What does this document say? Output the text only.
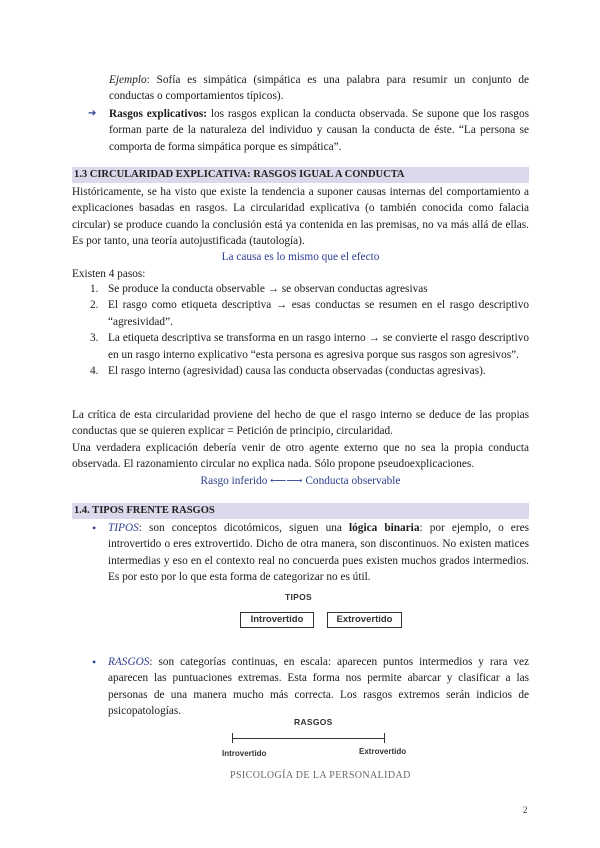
Ejemplo: Sofía es simpática (simpática es una palabra para resumir un conjunto de conductas o comportamientos típicos).
➔ Rasgos explicativos: los rasgos explican la conducta observada. Se supone que los rasgos forman parte de la naturaleza del individuo y causan la conducta de éste. “La persona se comporta de forma simpática porque es simpática”.
1.3 CIRCULARIDAD EXPLICATIVA: RASGOS IGUAL A CONDUCTA
Históricamente, se ha visto que existe la tendencia a suponer causas internas del comportamiento a explicaciones basadas en rasgos. La circularidad explicativa (o también conocida como falacia circular) se produce cuando la conclusión está ya contenida en las premisas, no va más allá de ellas. Es por tanto, una teoría autojustificada (tautología).
La causa es lo mismo que el efecto
Existen 4 pasos:
1. Se produce la conducta observable → se observan conductas agresivas
2. El rasgo como etiqueta descriptiva → esas conductas se resumen en el rasgo descriptivo “agresividad”.
3. La etiqueta descriptiva se transforma en un rasgo interno → se convierte el rasgo descriptivo en un rasgo interno explicativo “esta persona es agresiva porque sus rasgos son agresivos”.
4. El rasgo interno (agresividad) causa las conducta observadas (conductas agresivas).
La crítica de esta circularidad proviene del hecho de que el rasgo interno se deduce de las propias conductas que se quieren explicar = Petición de principio, circularidad.
Una verdadera explicación debería venir de otro agente externo que no sea la propia conducta observada. El razonamiento circular no explica nada. Sólo propone pseudoexplicaciones.
Rasgo inferido ⟵⟶ Conducta observable
1.4. TIPOS FRENTE RASGOS
• TIPOS: son conceptos dicotómicos, siguen una lógica binaria: por ejemplo, o eres introvertido o eres extrovertido. Dicho de otra manera, son discontinuos. No existen matices intermedias y eso en el contexto real no concuerda pues existen muchos grados intermedios. Es por esto por lo que esta forma de categorizar no es útil.
TIPOS
Introvertido	Extrovertido
• RASGOS: son categorías continuas, en escala: aparecen puntos intermedios y rara vez aparecen las puntuaciones extremas. Esta forma nos permite abarcar y clasificar a las personas de una manera mucho más correcta. Los rasgos extremos serán indicios de psicopatologías.
RASGOS
Introvertido	Extrovertido
PSICOLOGÍA DE LA PERSONALIDAD
2
